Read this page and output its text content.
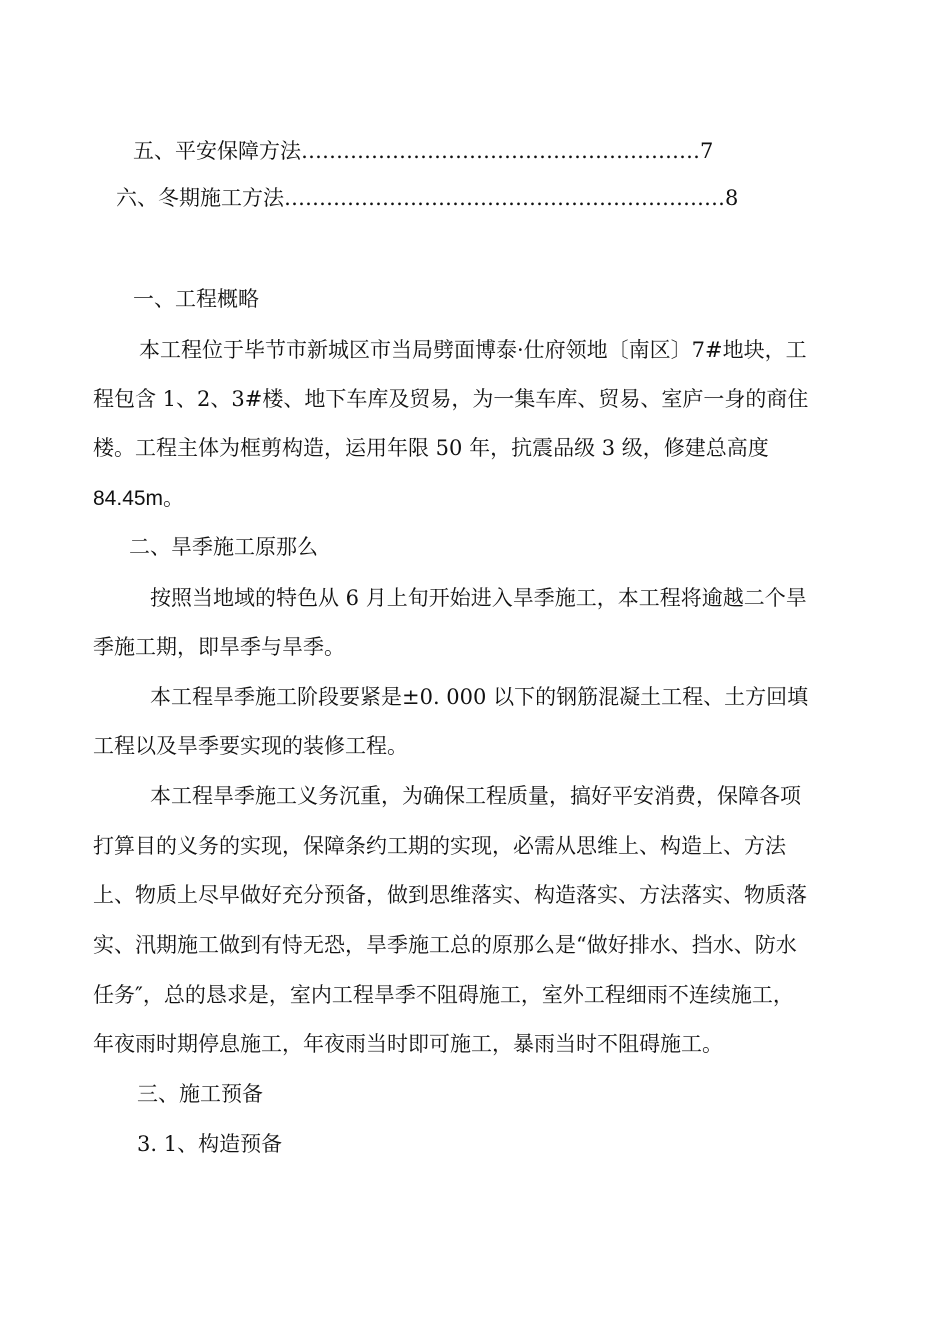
五、平安保障方法 ………………………………………………… 7
六、冬期施工方法 ……………………………………………………… 8
一、工程概略
本工程位于毕节市新城区市当局劈面博泰·仕府领地〔南区〕7#地块，工
程包含 1、2、3#楼、地下车库及贸易，为一集车库、贸易、室庐一身的商住
楼。工程主体为框剪构造，运用年限 50 年，抗震品级 3 级，修建总高度
84.45m。
二、旱季施工原那么
按照当地域的特色从 6 月上旬开始进入旱季施工，本工程将逾越二个旱
季施工期，即旱季与旱季。
本工程旱季施工阶段要紧是±0. 000 以下的钢筋混凝土工程、土方回填
工程以及旱季要实现的装修工程。
本工程旱季施工义务沉重，为确保工程质量，搞好平安消费，保障各项
打算目的义务的实现，保障条约工期的实现，必需从思维上、构造上、方法
上、物质上尽早做好充分预备，做到思维落实、构造落实、方法落实、物质落
实、汛期施工做到有恃无恐，旱季施工总的原那么是“做好排水、挡水、防水
任务″，总的恳求是，室内工程旱季不阻碍施工，室外工程细雨不连续施工，
年夜雨时期停息施工，年夜雨当时即可施工，暴雨当时不阻碍施工。
三、施工预备
3. 1、构造预备
